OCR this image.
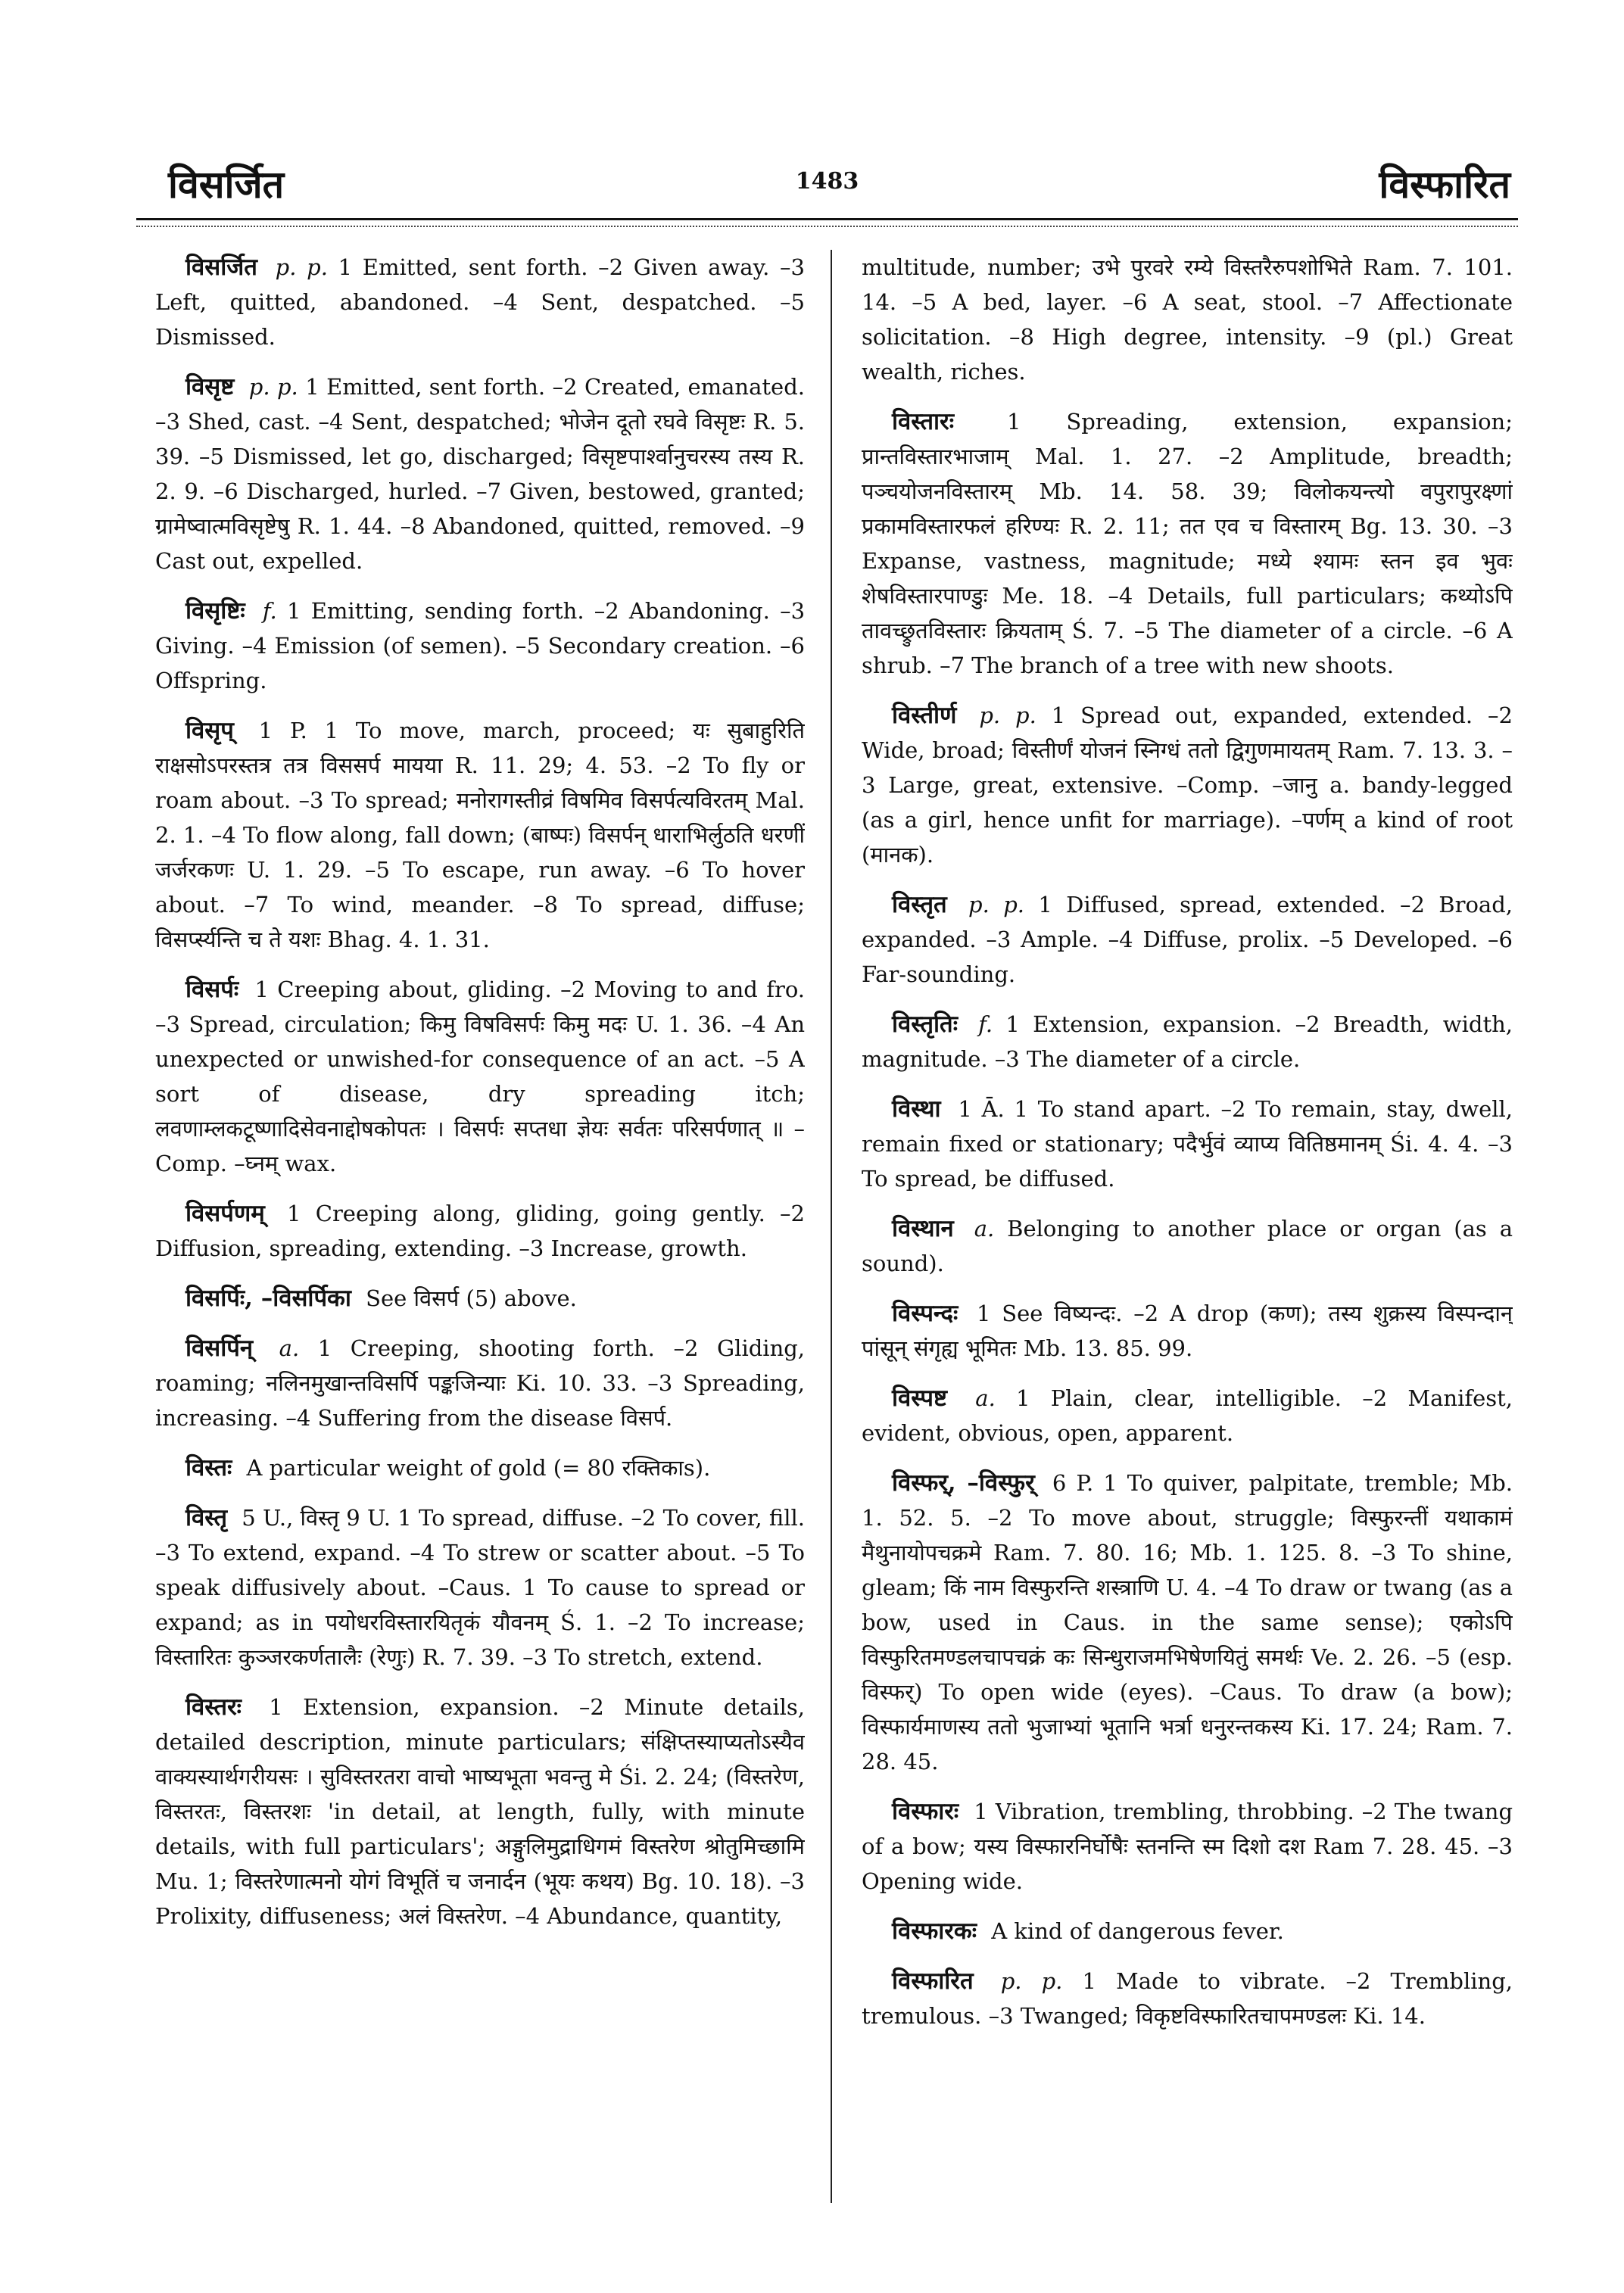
विसर्जित	1483	विस्फारित

विसर्जित p. p. 1 Emitted, sent forth. –2 Given away. –3 Left, quitted, abandoned. –4 Sent, despatched. –5 Dismissed.

विसृष्ट p. p. 1 Emitted, sent forth. –2 Created, emanated. –3 Shed, cast. –4 Sent, despatched; भोजेन दूतो रघवे विसृष्टः R. 5. 39. –5 Dismissed, let go, discharged; विसृष्टपार्श्वानुचरस्य तस्य R. 2. 9. –6 Discharged, hurled. –7 Given, bestowed, granted; ग्रामेष्वात्मविसृष्टेषु R. 1. 44. –8 Abandoned, quitted, removed. –9 Cast out, expelled.

विसृष्टिः f. 1 Emitting, sending forth. –2 Abandoning. –3 Giving. –4 Emission (of semen). –5 Secondary creation. –6 Offspring.

विसृप् 1 P. 1 To move, march, proceed; यः सुबाहुरिति राक्षसोऽपरस्तत्र तत्र विससर्प मायया R. 11. 29; 4. 53. –2 To fly or roam about. –3 To spread; मनोरागस्तीव्रं विषमिव विसर्पत्यविरतम् Mal. 2. 1. –4 To flow along, fall down; (बाष्पः) विसर्पन् धाराभिर्लुठति धरणीं जर्जरकणः U. 1. 29. –5 To escape, run away. –6 To hover about. –7 To wind, meander. –8 To spread, diffuse; विसर्प्स्यन्ति च ते यशः Bhag. 4. 1. 31.

विसर्पः 1 Creeping about, gliding. –2 Moving to and fro. –3 Spread, circulation; किमु विषविसर्पः किमु मदः U. 1. 36. –4 An unexpected or unwished-for consequence of an act. –5 A sort of disease, dry spreading itch; लवणाम्लकटूष्णादिसेवनाद्दोषकोपतः । विसर्पः सप्तधा ज्ञेयः सर्वतः परिसर्पणात् ॥ –Comp. –घ्नम् wax.

विसर्पणम् 1 Creeping along, gliding, going gently. –2 Diffusion, spreading, extending. –3 Increase, growth.

विसर्पिः, –विसर्पिका See विसर्प (5) above.

विसर्पिन् a. 1 Creeping, shooting forth. –2 Gliding, roaming; नलिनमुखान्तविसर्पि पङ्कजिन्याः Ki. 10. 33. –3 Spreading, increasing. –4 Suffering from the disease विसर्प.

विस्तः A particular weight of gold (= 80 रक्तिकाs).

विस्तृ 5 U., विस्तृ 9 U. 1 To spread, diffuse. –2 To cover, fill. –3 To extend, expand. –4 To strew or scatter about. –5 To speak diffusively about. –Caus. 1 To cause to spread or expand; as in पयोधरविस्तारयितृकं यौवनम् Ś. 1. –2 To increase; विस्तारितः कुञ्जरकर्णतालैः (रेणुः) R. 7. 39. –3 To stretch, extend.

विस्तरः 1 Extension, expansion. –2 Minute details, detailed description, minute particulars; संक्षिप्तस्याप्यतोऽस्यैव वाक्यस्यार्थगरीयसः । सुविस्तरतरा वाचो भाष्यभूता भवन्तु मे Śi. 2. 24; (विस्तरेण, विस्तरतः, विस्तरशः 'in detail, at length, fully, with minute details, with full particulars'; अङ्गुलिमुद्राधिगमं विस्तरेण श्रोतुमिच्छामि Mu. 1; विस्तरेणात्मनो योगं विभूतिं च जनार्दन (भूयः कथय) Bg. 10. 18). –3 Prolixity, diffuseness; अलं विस्तरेण. –4 Abundance, quantity,

multitude, number; उभे पुरवरे रम्ये विस्तरैरुपशोभिते Ram. 7. 101. 14. –5 A bed, layer. –6 A seat, stool. –7 Affectionate solicitation. –8 High degree, intensity. –9 (pl.) Great wealth, riches.

विस्तारः 1 Spreading, extension, expansion; प्रान्तविस्तारभाजाम् Mal. 1. 27. –2 Amplitude, breadth; पञ्चयोजनविस्तारम् Mb. 14. 58. 39; विलोकयन्त्यो वपुरापुरक्ष्णां प्रकामविस्तारफलं हरिण्यः R. 2. 11; तत एव च विस्तारम् Bg. 13. 30. –3 Expanse, vastness, magnitude; मध्ये श्यामः स्तन इव भुवः शेषविस्तारपाण्डुः Me. 18. –4 Details, full particulars; कथ्योऽपि तावच्छ्रुतविस्तारः क्रियताम् Ś. 7. –5 The diameter of a circle. –6 A shrub. –7 The branch of a tree with new shoots.

विस्तीर्ण p. p. 1 Spread out, expanded, extended. –2 Wide, broad; विस्तीर्णं योजनं स्निग्धं ततो द्विगुणमायतम् Ram. 7. 13. 3. –3 Large, great, extensive. –Comp. –जानु a. bandy-legged (as a girl, hence unfit for marriage). –पर्णम् a kind of root (मानक).

विस्तृत p. p. 1 Diffused, spread, extended. –2 Broad, expanded. –3 Ample. –4 Diffuse, prolix. –5 Developed. –6 Far-sounding.

विस्तृतिः f. 1 Extension, expansion. –2 Breadth, width, magnitude. –3 The diameter of a circle.

विस्था 1 Ā. 1 To stand apart. –2 To remain, stay, dwell, remain fixed or stationary; पदैर्भुवं व्याप्य वितिष्ठमानम् Śi. 4. 4. –3 To spread, be diffused.

विस्थान a. Belonging to another place or organ (as a sound).

विस्पन्दः 1 See विष्यन्दः. –2 A drop (कण); तस्य शुक्रस्य विस्पन्दान् पांसून् संगृह्य भूमितः Mb. 13. 85. 99.

विस्पष्ट a. 1 Plain, clear, intelligible. –2 Manifest, evident, obvious, open, apparent.

विस्फर्, –विस्फुर् 6 P. 1 To quiver, palpitate, tremble; Mb. 1. 52. 5. –2 To move about, struggle; विस्फुरन्तीं यथाकामं मैथुनायोपचक्रमे Ram. 7. 80. 16; Mb. 1. 125. 8. –3 To shine, gleam; किं नाम विस्फुरन्ति शस्त्राणि U. 4. –4 To draw or twang (as a bow, used in Caus. in the same sense); एकोऽपि विस्फुरितमण्डलचापचक्रं कः सिन्धुराजमभिषेणयितुं समर्थः Ve. 2. 26. –5 (esp. विस्फर्) To open wide (eyes). –Caus. To draw (a bow); विस्फार्यमाणस्य ततो भुजाभ्यां भूतानि भर्त्रा धनुरन्तकस्य Ki. 17. 24; Ram. 7. 28. 45.

विस्फारः 1 Vibration, trembling, throbbing. –2 The twang of a bow; यस्य विस्फारनिर्घोषैः स्तनन्ति स्म दिशो दश Ram 7. 28. 45. –3 Opening wide.

विस्फारकः A kind of dangerous fever.

विस्फारित p. p. 1 Made to vibrate. –2 Trembling, tremulous. –3 Twanged; विकृष्टविस्फारितचापमण्डलः Ki. 14.
